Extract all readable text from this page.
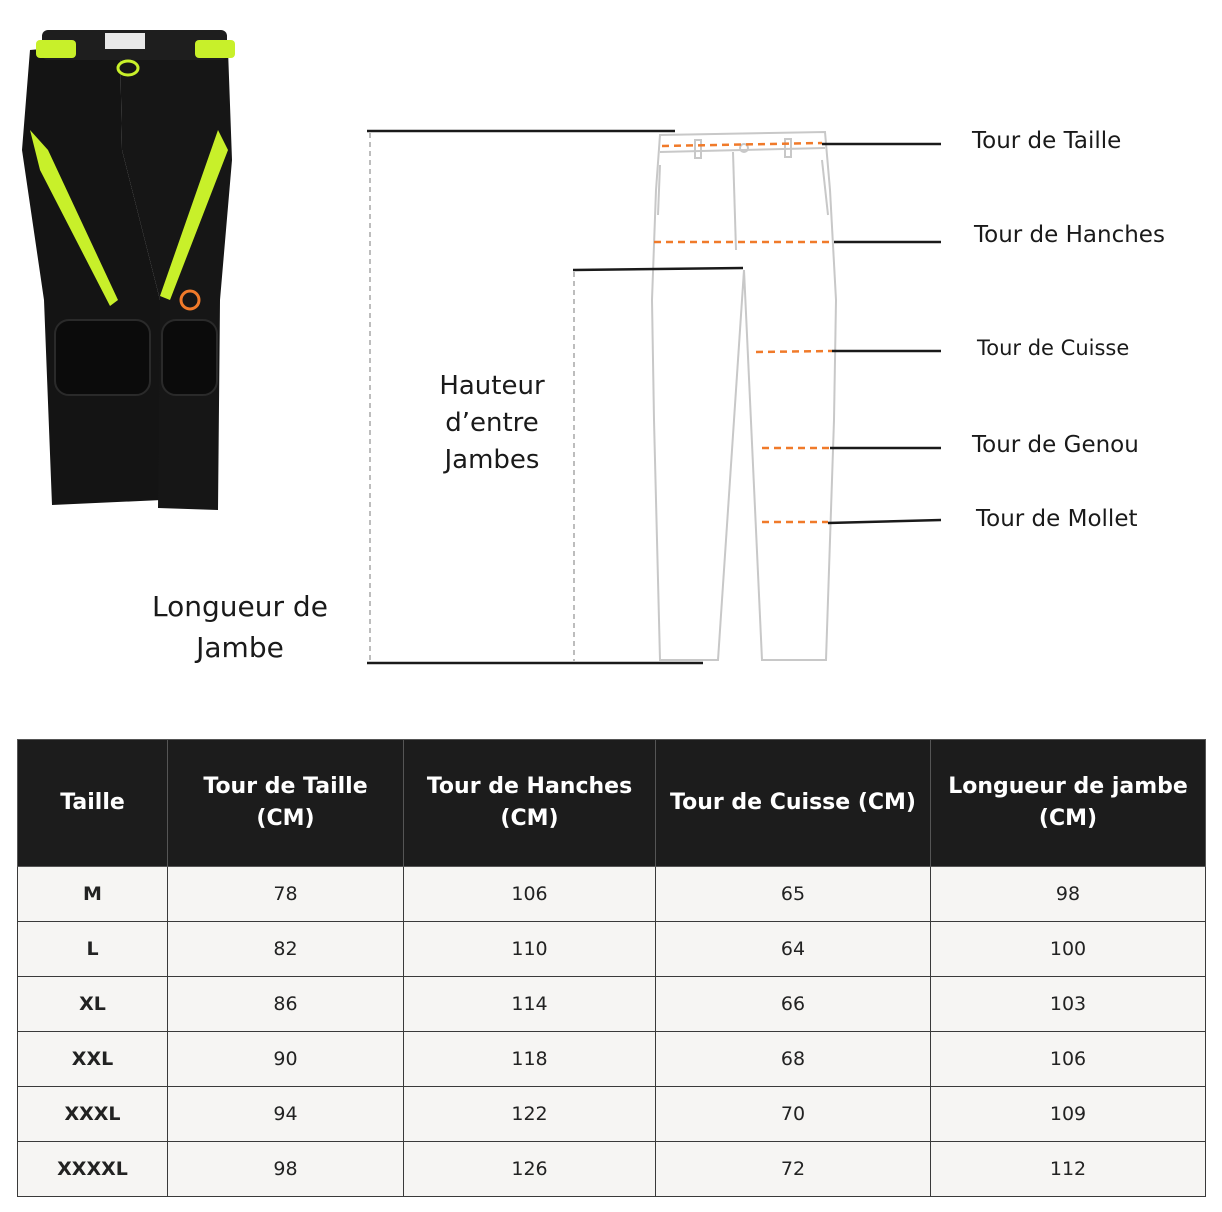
Tour de Taille
Tour de Hanches
Tour de Cuisse
Tour de Genou
Tour de Mollet
Hauteur
d’entre
Jambes
Longueur de
Jambe
Taille	Tour de Taille (CM)	Tour de Hanches (CM)	Tour de Cuisse (CM)	Longueur de jambe (CM)
M	78	106	65	98
L	82	110	64	100
XL	86	114	66	103
XXL	90	118	68	106
XXXL	94	122	70	109
XXXXL	98	126	72	112
